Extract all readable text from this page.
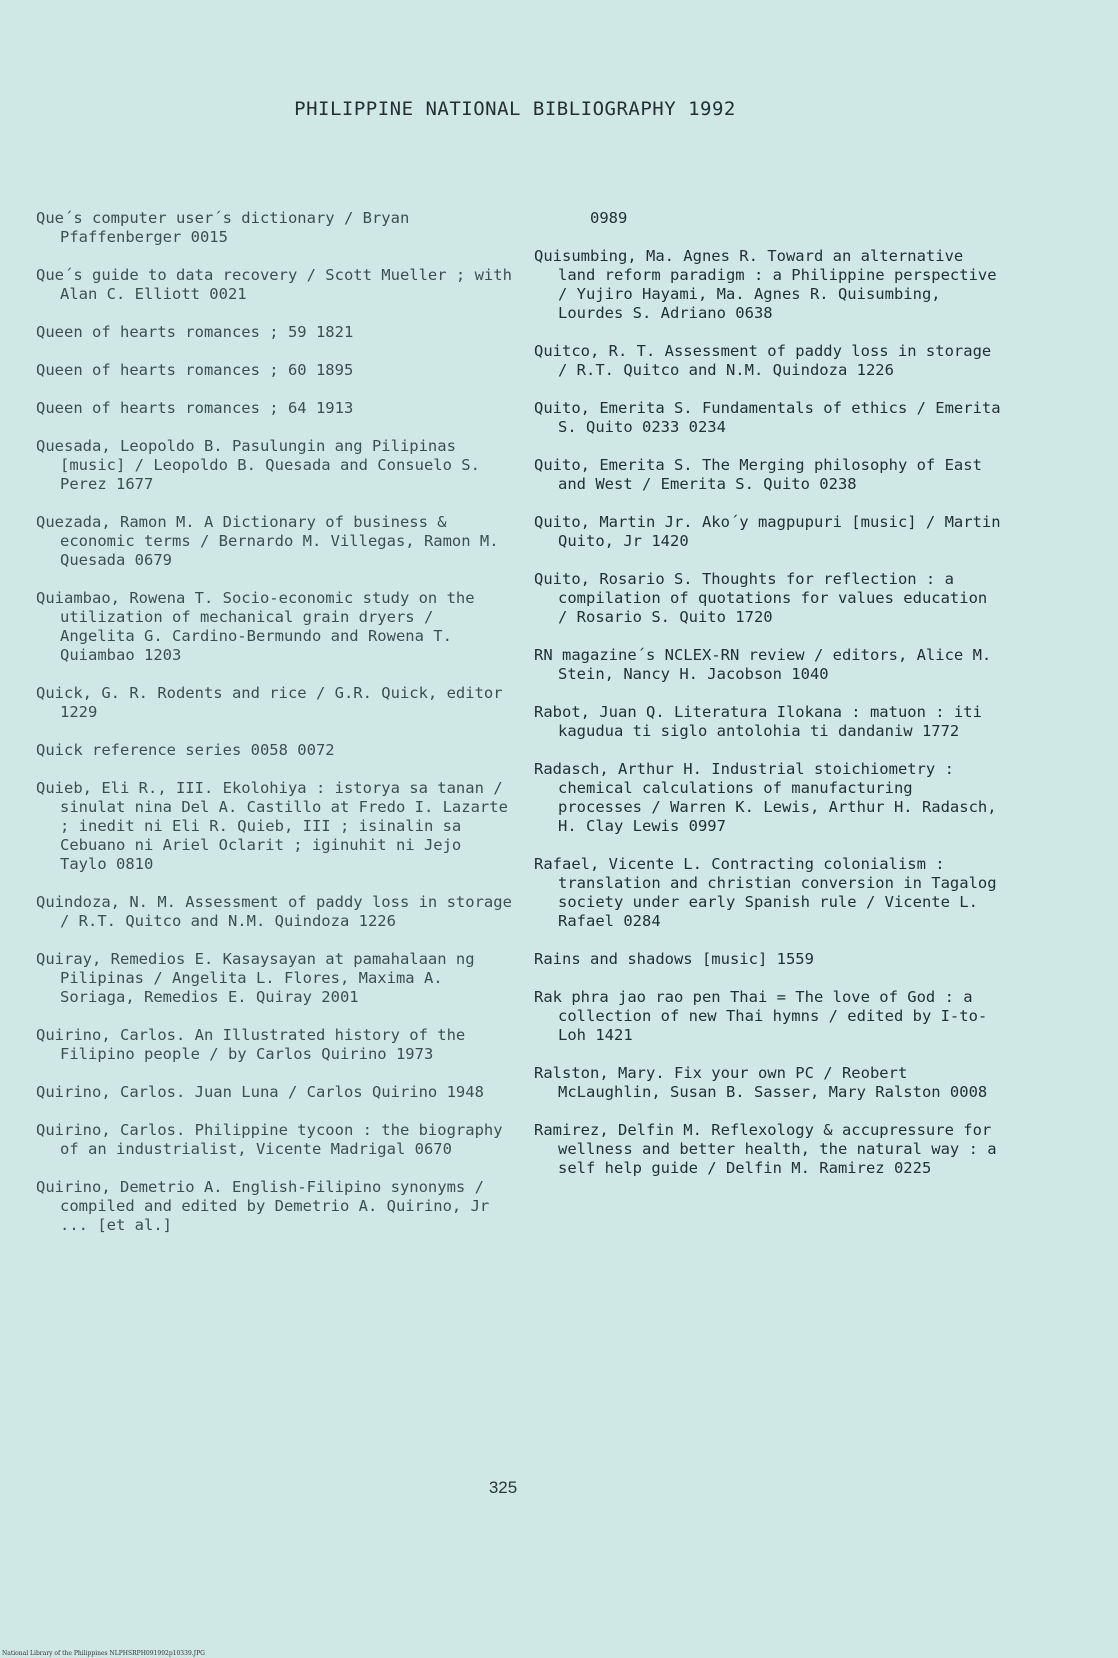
PHILIPPINE NATIONAL BIBLIOGRAPHY 1992
Que´s computer user´s dictionary / Bryan Pfaffenberger 0015
Que´s guide to data recovery / Scott Mueller ; with Alan C. Elliott 0021
Queen of hearts romances ; 59 1821
Queen of hearts romances ; 60 1895
Queen of hearts romances ; 64 1913
Quesada, Leopoldo B. Pasulungin ang Pilipinas [music] / Leopoldo B. Quesada and Consuelo S. Perez 1677
Quezada, Ramon M. A Dictionary of business & economic terms / Bernardo M. Villegas, Ramon M. Quesada 0679
Quiambao, Rowena T. Socio-economic study on the utilization of mechanical grain dryers / Angelita G. Cardino-Bermundo and Rowena T. Quiambao 1203
Quick, G. R. Rodents and rice / G.R. Quick, editor 1229
Quick reference series 0058 0072
Quieb, Eli R., III. Ekolohiya : istorya sa tanan / sinulat nina Del A. Castillo at Fredo I. Lazarte ; inedit ni Eli R. Quieb, III ; isinalin sa Cebuano ni Ariel Oclarit ; iginuhit ni Jejo Taylo 0810
Quindoza, N. M. Assessment of paddy loss in storage / R.T. Quitco and N.M. Quindoza 1226
Quiray, Remedios E. Kasaysayan at pamahalaan ng Pilipinas / Angelita L. Flores, Maxima A. Soriaga, Remedios E. Quiray 2001
Quirino, Carlos. An Illustrated history of the Filipino people / by Carlos Quirino 1973
Quirino, Carlos. Juan Luna / Carlos Quirino 1948
Quirino, Carlos. Philippine tycoon : the biography of an industrialist, Vicente Madrigal 0670
Quirino, Demetrio A. English-Filipino synonyms / compiled and edited by Demetrio A. Quirino, Jr ... [et al.]
0989
Quisumbing, Ma. Agnes R. Toward an alternative land reform paradigm : a Philippine perspective / Yujiro Hayami, Ma. Agnes R. Quisumbing, Lourdes S. Adriano 0638
Quitco, R. T. Assessment of paddy loss in storage / R.T. Quitco and N.M. Quindoza 1226
Quito, Emerita S. Fundamentals of ethics / Emerita S. Quito 0233 0234
Quito, Emerita S. The Merging philosophy of East and West / Emerita S. Quito 0238
Quito, Martin Jr. Ako´y magpupuri [music] / Martin Quito, Jr 1420
Quito, Rosario S. Thoughts for reflection : a compilation of quotations for values education / Rosario S. Quito 1720
RN magazine´s NCLEX-RN review / editors, Alice M. Stein, Nancy H. Jacobson 1040
Rabot, Juan Q. Literatura Ilokana : matuon : iti kagudua ti siglo antolohia ti dandaniw 1772
Radasch, Arthur H. Industrial stoichiometry : chemical calculations of manufacturing processes / Warren K. Lewis, Arthur H. Radasch, H. Clay Lewis 0997
Rafael, Vicente L. Contracting colonialism : translation and christian conversion in Tagalog society under early Spanish rule / Vicente L. Rafael 0284
Rains and shadows [music] 1559
Rak phra jao rao pen Thai = The love of God : a collection of new Thai hymns / edited by I-to-Loh 1421
Ralston, Mary. Fix your own PC / Reobert McLaughlin, Susan B. Sasser, Mary Ralston 0008
Ramirez, Delfin M. Reflexology & accupressure for wellness and better health, the natural way : a self help guide / Delfin M. Ramirez 0225
325
National Library of the Philippines NLPHSRPH091992p10339.JPG
